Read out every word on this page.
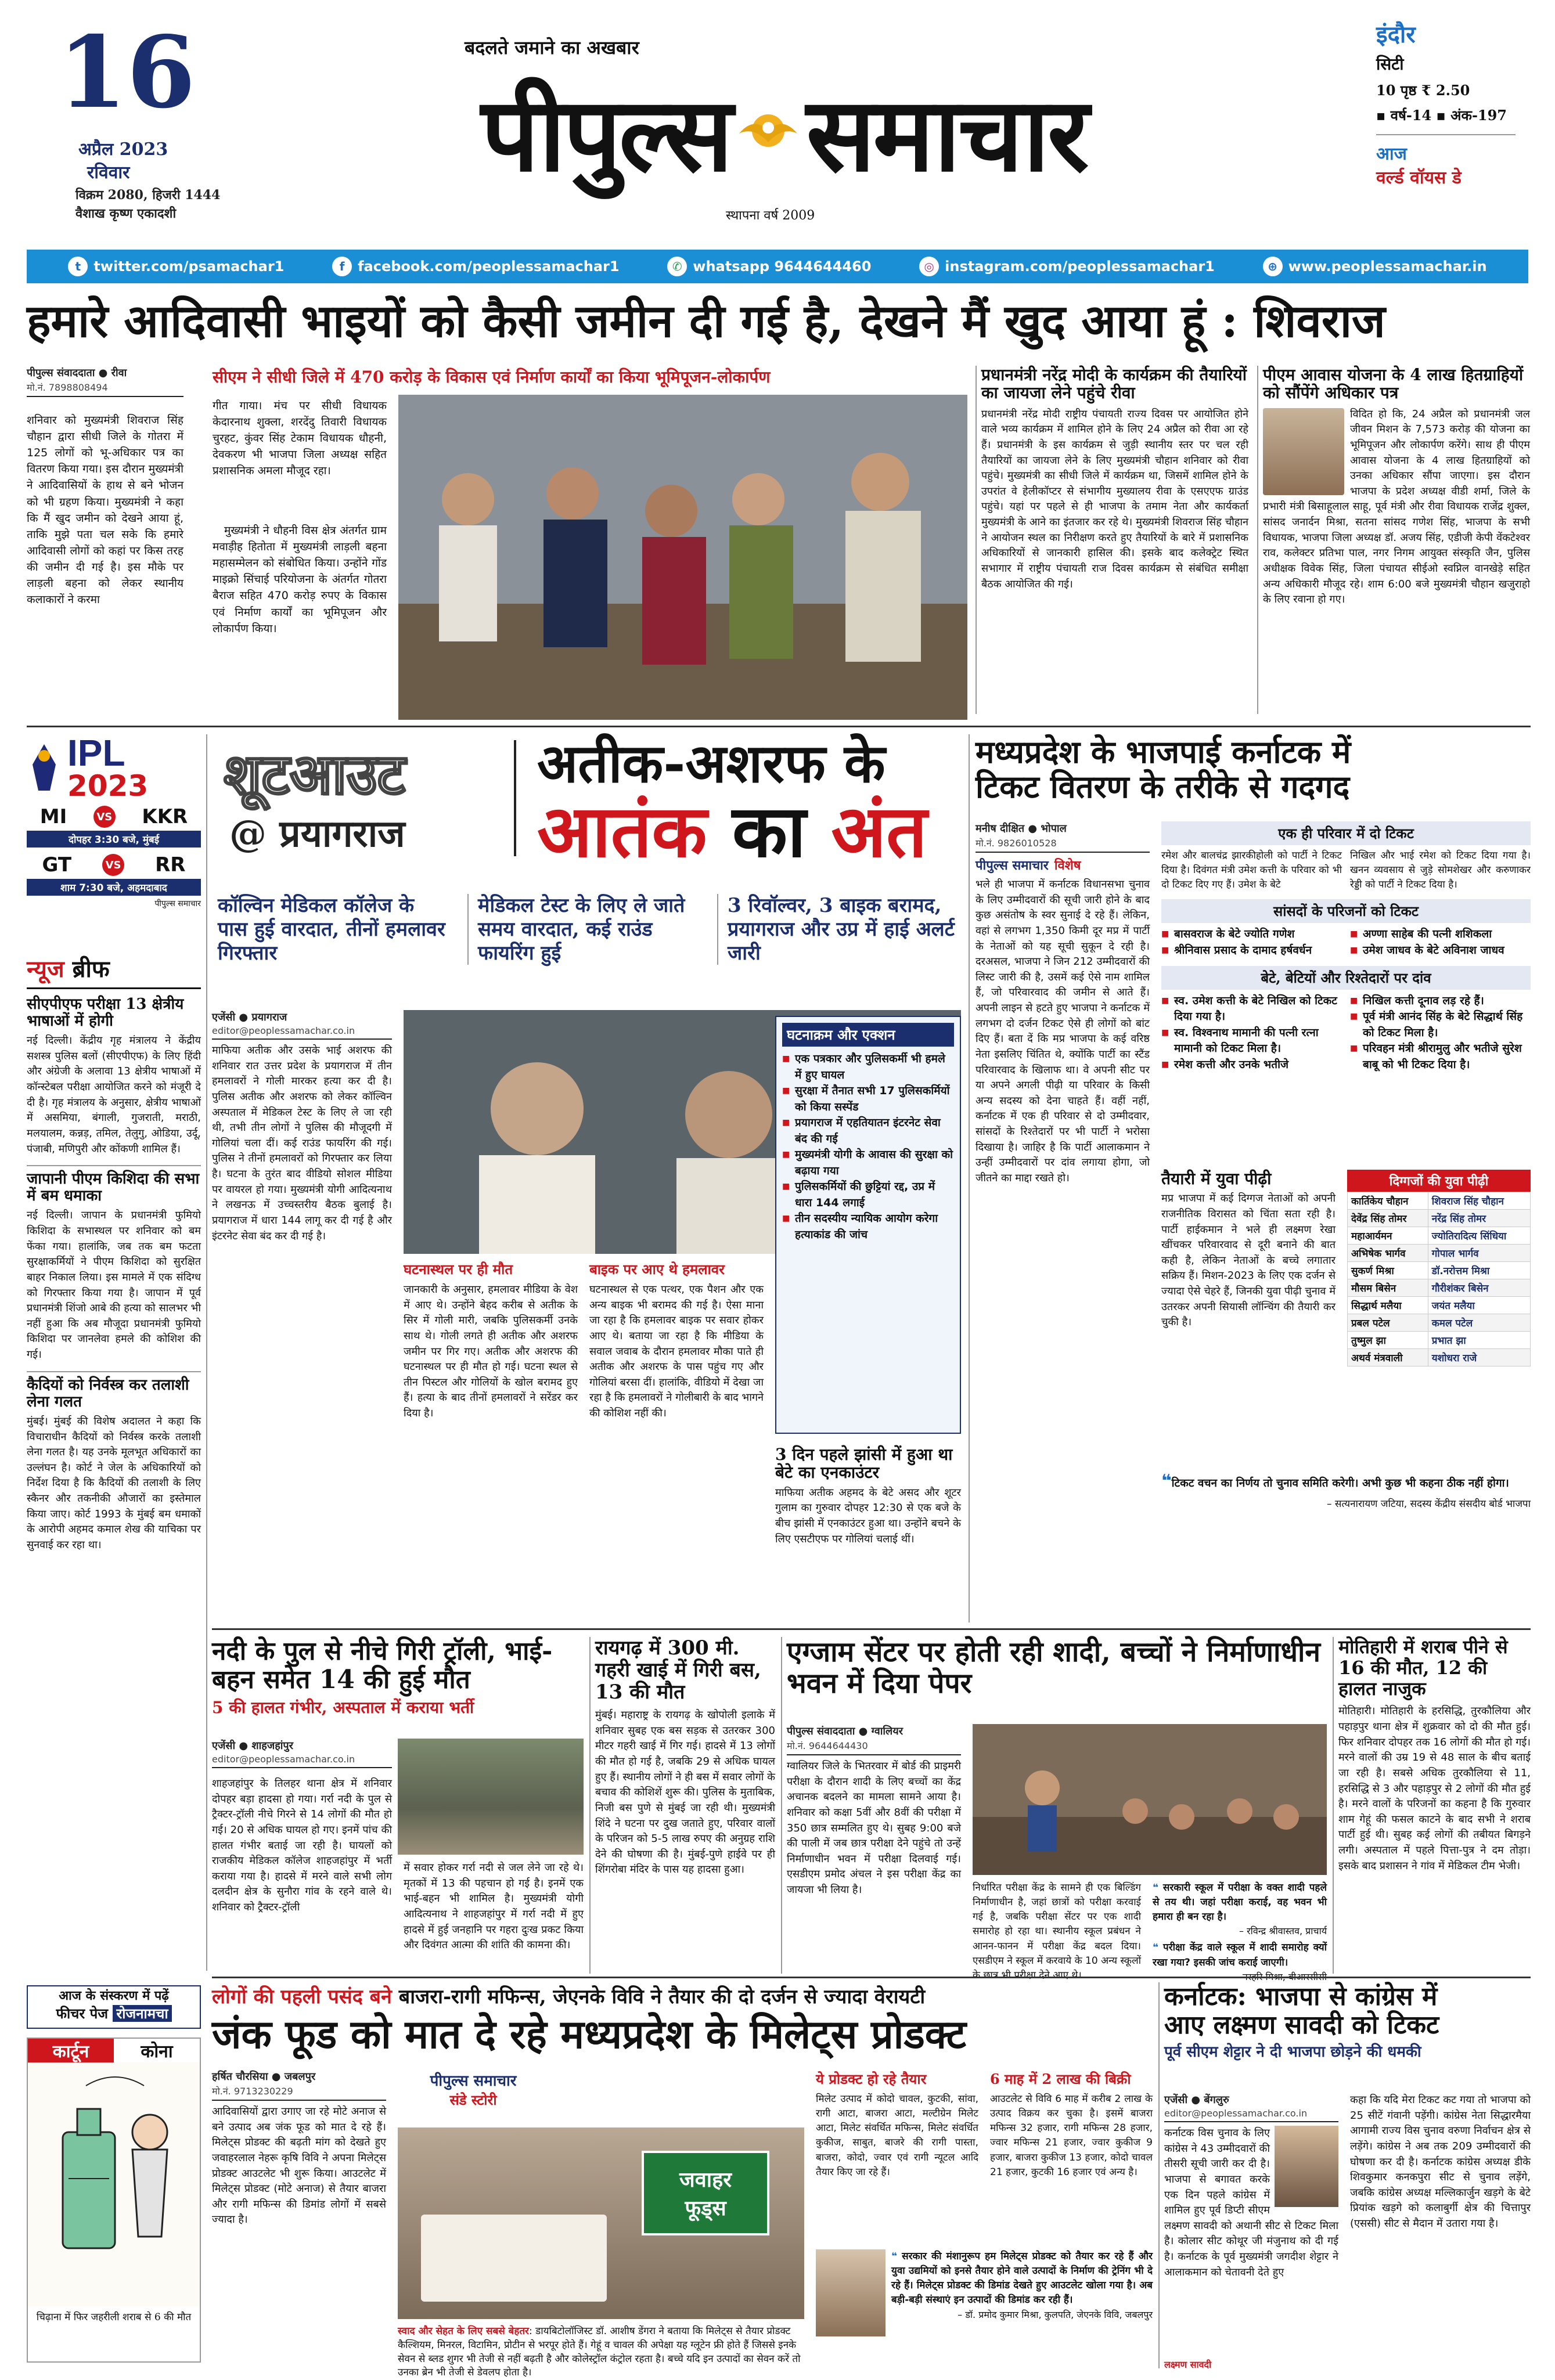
16
अप्रैल 2023
रविवार
विक्रम 2080, हिजरी 1444
वैशाख कृष्ण एकादशी
बदलते जमाने का अखबार
पीपुल्स समाचार
स्थापना वर्ष 2009
इंदौर
सिटी
10 पृष्ठ ₹ 2.50
▪ वर्ष-14 ▪ अंक-197
आज
वर्ल्ड वॉयस डे
t twitter.com/psamachar1	f facebook.com/peoplessamachar1	✆ whatsapp 9644644460	◎ instagram.com/peoplessamachar1	⊕ www.peoplessamachar.in
हमारे आदिवासी भाइयों को कैसी जमीन दी गई है, देखने मैं खुद आया हूं : शिवराज
पीपुल्स संवाददाता ● रीवा
मो.नं. 7898808494
शनिवार को मुख्यमंत्री शिवराज सिंह चौहान द्वारा सीधी जिले के गोतरा में 125 लोगों को भू-अधिकार पत्र का वितरण किया गया। इस दौरान मुख्यमंत्री ने आदिवासियों के हाथ से बने भोजन को भी ग्रहण किया। मुख्यमंत्री ने कहा कि मैं खुद जमीन को देखने आया हूं, ताकि मुझे पता चल सके कि हमारे आदिवासी लोगों को कहां पर किस तरह की जमीन दी गई है। इस मौके पर लाड़ली बहना को लेकर स्थानीय कलाकारों ने करमा
सीएम ने सीधी जिले में 470 करोड़ के विकास एवं निर्माण कार्यों का किया भूमिपूजन-लोकार्पण
गीत गाया। मंच पर सीधी विधायक केदारनाथ शुक्ला, शरदेंदु तिवारी विधायक चुरहट, कुंवर सिंह टेकाम विधायक धौहनी, देवकरण भी भाजपा जिला अध्यक्ष सहित प्रशासनिक अमला मौजूद रहा।
मुख्यमंत्री ने धौहनी विस क्षेत्र अंतर्गत ग्राम मवाड़ीह हितोता में मुख्यमंत्री लाड़ली बहना महासम्मेलन को संबोधित किया। उन्होंने गोंड माइक्रो सिंचाई परियोजना के अंतर्गत गोतरा बैराज सहित 470 करोड़ रुपए के विकास एवं निर्माण कार्यों का भूमिपूजन और लोकार्पण किया।
प्रधानमंत्री नरेंद्र मोदी के कार्यक्रम की तैयारियों का जायजा लेने पहुंचे रीवा
प्रधानमंत्री नरेंद्र मोदी राष्ट्रीय पंचायती राज्य दिवस पर आयोजित होने वाले भव्य कार्यक्रम में शामिल होने के लिए 24 अप्रैल को रीवा आ रहे हैं। प्रधानमंत्री के इस कार्यक्रम से जुड़ी स्थानीय स्तर पर चल रही तैयारियों का जायजा लेने के लिए मुख्यमंत्री चौहान शनिवार को रीवा पहुंचे। मुख्यमंत्री का सीधी जिले में कार्यक्रम था, जिसमें शामिल होने के उपरांत वे हेलीकॉप्टर से संभागीय मुख्यालय रीवा के एसएएफ ग्राउंड पहुंचे। यहां पर पहले से ही भाजपा के तमाम नेता और कार्यकर्ता मुख्यमंत्री के आने का इंतजार कर रहे थे। मुख्यमंत्री शिवराज सिंह चौहान ने आयोजन स्थल का निरीक्षण करते हुए तैयारियों के बारे में प्रशासनिक अधिकारियों से जानकारी हासिल की। इसके बाद कलेक्ट्रेट स्थित सभागार में राष्ट्रीय पंचायती राज दिवस कार्यक्रम से संबंधित समीक्षा बैठक आयोजित की गई।
पीएम आवास योजना के 4 लाख हितग्राहियों को सौंपेंगे अधिकार पत्र
विदित हो कि, 24 अप्रैल को प्रधानमंत्री जल जीवन मिशन के 7,573 करोड़ की योजना का भूमिपूजन और लोकार्पण करेंगे। साथ ही पीएम आवास योजना के 4 लाख हितग्राहियों को उनका अधिकार सौंपा जाएगा। इस दौरान भाजपा के प्रदेश अध्यक्ष वीडी शर्मा, जिले के प्रभारी मंत्री बिसाहूलाल साहू, पूर्व मंत्री और रीवा विधायक राजेंद्र शुक्ल, सांसद जनार्दन मिश्रा, सतना सांसद गणेश सिंह, भाजपा के सभी विधायक, भाजपा जिला अध्यक्ष डॉ. अजय सिंह, एडीजी केपी वेंकटेश्वर राव, कलेक्टर प्रतिभा पाल, नगर निगम आयुक्त संस्कृति जैन, पुलिस अधीक्षक विवेक सिंह, जिला पंचायत सीईओ स्वप्निल वानखेड़े सहित अन्य अधिकारी मौजूद रहे। शाम 6:00 बजे मुख्यमंत्री चौहान खजुराहो के लिए रवाना हो गए।
IPL
2023
MI	VS KKR
दोपहर 3:30 बजे, मुंबई
GT	VS RR
शाम 7:30 बजे, अहमदाबाद
पीपुल्स समाचार
न्यूज ब्रीफ
सीएपीएफ परीक्षा 13 क्षेत्रीय भाषाओं में होगी
नई दिल्ली। केंद्रीय गृह मंत्रालय ने केंद्रीय सशस्त्र पुलिस बलों (सीएपीएफ) के लिए हिंदी और अंग्रेजी के अलावा 13 क्षेत्रीय भाषाओं में कॉन्स्टेबल परीक्षा आयोजित करने को मंजूरी दे दी है। गृह मंत्रालय के अनुसार, क्षेत्रीय भाषाओं में असमिया, बंगाली, गुजराती, मराठी, मलयालम, कन्नड़, तमिल, तेलुगु, ओडिया, उर्दू, पंजाबी, मणिपुरी और कोंकणी शामिल हैं।
जापानी पीएम किशिदा की सभा में बम धमाका
नई दिल्ली। जापान के प्रधानमंत्री फुमियो किशिदा के सभास्थल पर शनिवार को बम फेंका गया। हालांकि, जब तक बम फटता सुरक्षाकर्मियों ने पीएम किशिदा को सुरक्षित बाहर निकाल लिया। इस मामले में एक संदिग्ध को गिरफ्तार किया गया है। जापान में पूर्व प्रधानमंत्री शिंजो आबे की हत्या को सालभर भी नहीं हुआ कि अब मौजूदा प्रधानमंत्री फुमियो किशिदा पर जानलेवा हमले की कोशिश की गई।
कैदियों को निर्वस्त्र कर तलाशी लेना गलत
मुंबई। मुंबई की विशेष अदालत ने कहा कि विचाराधीन कैदियों को निर्वस्त्र करके तलाशी लेना गलत है। यह उनके मूलभूत अधिकारों का उल्लंघन है। कोर्ट ने जेल के अधिकारियों को निर्देश दिया है कि कैदियों की तलाशी के लिए स्कैनर और तकनीकी औजारों का इस्तेमाल किया जाए। कोर्ट 1993 के मुंबई बम धमाकों के आरोपी अहमद कमाल शेख की याचिका पर सुनवाई कर रहा था।
शूटआउट
@ प्रयागराज
अतीक-अशरफ के
आतंक का अंत
कॉल्विन मेडिकल कॉलेज के पास हुई वारदात, तीनों हमलावर गिरफ्तार
मेडिकल टेस्ट के लिए ले जाते समय वारदात, कई राउंड फायरिंग हुई
3 रिवॉल्वर, 3 बाइक बरामद, प्रयागराज और उप्र में हाई अलर्ट जारी
एजेंसी ● प्रयागराज
editor@peoplessamachar.co.in
माफिया अतीक और उसके भाई अशरफ की शनिवार रात उत्तर प्रदेश के प्रयागराज में तीन हमलावरों ने गोली मारकर हत्या कर दी है। पुलिस अतीक और अशरफ को लेकर कॉल्विन अस्पताल में मेडिकल टेस्ट के लिए ले जा रही थी, तभी तीन लोगों ने पुलिस की मौजूदगी में गोलियां चला दीं। कई राउंड फायरिंग की गई। पुलिस ने तीनों हमलावरों को गिरफ्तार कर लिया है। घटना के तुरंत बाद वीडियो सोशल मीडिया पर वायरल हो गया। मुख्यमंत्री योगी आदित्यनाथ ने लखनऊ में उच्चस्तरीय बैठक बुलाई है। प्रयागराज में धारा 144 लागू कर दी गई है और इंटरनेट सेवा बंद कर दी गई है।
घटनास्थल पर ही मौत
जानकारी के अनुसार, हमलावर मीडिया के वेश में आए थे। उन्होंने बेहद करीब से अतीक के सिर में गोली मारी, जबकि पुलिसकर्मी उनके साथ थे। गोली लगते ही अतीक और अशरफ जमीन पर गिर गए। अतीक और अशरफ की घटनास्थल पर ही मौत हो गई। घटना स्थल से तीन पिस्टल और गोलियों के खोल बरामद हुए हैं। हत्या के बाद तीनों हमलावरों ने सरेंडर कर दिया है।
बाइक पर आए थे हमलावर
घटनास्थल से एक पत्थर, एक पैशन और एक अन्य बाइक भी बरामद की गई है। ऐसा माना जा रहा है कि हमलावर बाइक पर सवार होकर आए थे। बताया जा रहा है कि मीडिया के सवाल जवाब के दौरान हमलावर मौका पाते ही अतीक और अशरफ के पास पहुंच गए और गोलियां बरसा दीं। हालांकि, वीडियो में देखा जा रहा है कि हमलावरों ने गोलीबारी के बाद भागने की कोशिश नहीं की।
घटनाक्रम और एक्शन
■ एक पत्रकार और पुलिसकर्मी भी हमले में हुए घायल
■ सुरक्षा में तैनात सभी 17 पुलिसकर्मियों को किया सस्पेंड
■ प्रयागराज में एहतियातन इंटरनेट सेवा बंद की गई
■ मुख्यमंत्री योगी के आवास की सुरक्षा को बढ़ाया गया
■ पुलिसकर्मियों की छुट्टियां रद्द, उप्र में धारा 144 लगाई
■ तीन सदस्यीय न्यायिक आयोग करेगा हत्याकांड की जांच
3 दिन पहले झांसी में हुआ था बेटे का एनकाउंटर
माफिया अतीक अहमद के बेटे असद और शूटर गुलाम का गुरुवार दोपहर 12:30 से एक बजे के बीच झांसी में एनकाउंटर हुआ था। उन्होंने बचने के लिए एसटीएफ पर गोलियां चलाई थीं।
मध्यप्रदेश के भाजपाई कर्नाटक में
टिकट वितरण के तरीके से गदगद
मनीष दीक्षित ● भोपाल
मो.नं. 9826010528
पीपुल्स समाचार विशेष
भले ही भाजपा में कर्नाटक विधानसभा चुनाव के लिए उम्मीदवारों की सूची जारी होने के बाद कुछ असंतोष के स्वर सुनाई दे रहे हैं। लेकिन, वहां से लगभग 1,350 किमी दूर मप्र में पार्टी के नेताओं को यह सूची सुकून दे रही है। दरअसल, भाजपा ने जिन 212 उम्मीदवारों की लिस्ट जारी की है, उसमें कई ऐसे नाम शामिल हैं, जो परिवारवाद की जमीन से आते हैं। अपनी लाइन से हटते हुए भाजपा ने कर्नाटक में लगभग दो दर्जन टिकट ऐसे ही लोगों को बांट दिए हैं। बता दें कि मप्र भाजपा के कई वरिष्ठ नेता इसलिए चिंतित थे, क्योंकि पार्टी का स्टैंड परिवारवाद के खिलाफ था। वे अपनी सीट पर या अपने अगली पीढ़ी या परिवार के किसी अन्य सदस्य को देना चाहते हैं। वहीं नहीं, कर्नाटक में एक ही परिवार से दो उम्मीदवार, सांसदों के रिश्तेदारों पर भी पार्टी ने भरोसा दिखाया है। जाहिर है कि पार्टी आलाकमान ने उन्हीं उम्मीदवारों पर दांव लगाया होगा, जो जीतने का माद्दा रखते हो।
एक ही परिवार में दो टिकट
रमेश और बालचंद्र झारकीहोली को पार्टी ने टिकट दिया है। दिवंगत मंत्री उमेश कत्ती के परिवार को भी दो टिकट दिए गए हैं। उमेश के बेटे
निखिल और भाई रमेश को टिकट दिया गया है। खनन व्यवसाय से जुड़े सोमशेखर और करुणाकर रेड्डी को पार्टी ने टिकट दिया है।
सांसदों के परिजनों को टिकट
■ बासवराज के बेटे ज्योति गणेश
■ श्रीनिवास प्रसाद के दामाद हर्षवर्धन
■ अण्णा साहेब की पत्नी शशिकला
■ उमेश जाधव के बेटे अविनाश जाधव
बेटे, बेटियों और रिश्तेदारों पर दांव
■ स्व. उमेश कत्ती के बेटे निखिल को टिकट दिया गया है।
■ स्व. विश्वनाथ मामानी की पत्नी रत्ना मामानी को टिकट मिला है।
■ रमेश कत्ती और उनके भतीजे
■ निखिल कत्ती दूनाव लड़ रहे हैं।
■ पूर्व मंत्री आनंद सिंह के बेटे सिद्धार्थ सिंह को टिकट मिला है।
■ परिवहन मंत्री श्रीरामुलु और भतीजे सुरेश बाबू को भी टिकट दिया है।
तैयारी में युवा पीढ़ी
मप्र भाजपा में कई दिग्गज नेताओं को अपनी राजनीतिक विरासत को चिंता सता रही है। पार्टी हाईकमान ने भले ही लक्ष्मण रेखा खींचकर परिवारवाद से दूरी बनाने की बात कही है, लेकिन नेताओं के बच्चे लगातार सक्रिय हैं। मिशन-2023 के लिए एक दर्जन से ज्यादा ऐसे चेहरे हैं, जिनकी युवा पीढ़ी चुनाव में उतरकर अपनी सियासी लॉन्चिंग की तैयारी कर चुकी है।
दिग्गजों की युवा पीढ़ी
कार्तिकेय चौहान	शिवराज सिंह चौहान
देवेंद्र सिंह तोमर	नरेंद्र सिंह तोमर
महाआर्यमन	ज्योतिरादित्य सिंधिया
अभिषेक भार्गव	गोपाल भार्गव
सुकर्ण मिश्रा	डॉ.नरोत्तम मिश्रा
मौसम बिसेन	गौरीशंकर बिसेन
सिद्धार्थ मलैया	जयंत मलैया
प्रबल पटेल	कमल पटेल
तुष्मुल झा	प्रभात झा
अथर्व मंत्रवाली	यशोधरा राजे
❝टिकट वचन का निर्णय तो चुनाव समिति करेगी। अभी कुछ भी कहना ठीक नहीं होगा।
– सत्यनारायण जटिया, सदस्य केंद्रीय संसदीय बोर्ड भाजपा
नदी के पुल से नीचे गिरी ट्रॉली, भाई-बहन समेत 14 की हुई मौत
5 की हालत गंभीर, अस्पताल में कराया भर्ती
एजेंसी ● शाहजहांपुर
editor@peoplessamachar.co.in
शाहजहांपुर के तिलहर थाना क्षेत्र में शनिवार दोपहर बड़ा हादसा हो गया। गर्रा नदी के पुल से ट्रैक्टर-ट्रॉली नीचे गिरने से 14 लोगों की मौत हो गई। 20 से अधिक घायल हो गए। इनमें पांच की हालत गंभीर बताई जा रही है। घायलों को राजकीय मेडिकल कॉलेज शाहजहांपुर में भर्ती कराया गया है। हादसे में मरने वाले सभी लोग दलदीन क्षेत्र के सुनौरा गांव के रहने वाले थे। शनिवार को ट्रैक्टर-ट्रॉली
में सवार होकर गर्रा नदी से जल लेने जा रहे थे। मृतकों में 13 की पहचान हो गई है। इनमें एक भाई-बहन भी शामिल है। मुख्यमंत्री योगी आदित्यनाथ ने शाहजहांपुर में गर्रा नदी में हुए हादसे में हुई जनहानि पर गहरा दुःख प्रकट किया और दिवंगत आत्मा की शांति की कामना की।
रायगढ़ में 300 मी. गहरी खाई में गिरी बस, 13 की मौत
मुंबई। महाराष्ट्र के रायगढ़ के खोपोली इलाके में शनिवार सुबह एक बस सड़क से उतरकर 300 मीटर गहरी खाई में गिर गई। हादसे में 13 लोगों की मौत हो गई है, जबकि 29 से अधिक घायल हुए हैं। स्थानीय लोगों ने ही बस में सवार लोगों के बचाव की कोशिशें शुरू की। पुलिस के मुताबिक, निजी बस पुणे से मुंबई जा रही थी। मुख्यमंत्री शिंदे ने घटना पर दुख जताते हुए, परिवार वालों के परिजन को 5-5 लाख रुपए की अनुग्रह राशि देने की घोषणा की है। मुंबई-पुणे हाईवे पर ही शिंगरोबा मंदिर के पास यह हादसा हुआ।
एग्जाम सेंटर पर होती रही शादी, बच्चों ने निर्माणाधीन भवन में दिया पेपर
पीपुल्स संवाददाता ● ग्वालियर
मो.नं. 9644644430
ग्वालियर जिले के भितरवार में बोर्ड की प्राइमरी परीक्षा के दौरान शादी के लिए बच्चों का केंद्र अचानक बदलने का मामला सामने आया है। शनिवार को कक्षा 5वीं और 8वीं की परीक्षा में 350 छात्र सम्मलित हुए थे। सुबह 9:00 बजे की पाली में जब छात्र परीक्षा देने पहुंचे तो उन्हें निर्माणाधीन भवन में परीक्षा दिलवाई गई। एसडीएम प्रमोद अंचल ने इस परीक्षा केंद्र का जायजा भी लिया है।	निर्धारित परीक्षा केंद्र के सामने ही एक बिल्डिंग निर्माणाधीन है, जहां छात्रों को परीक्षा करवाई गई है, जबकि परीक्षा सेंटर पर एक शादी समारोह हो रहा था। स्थानीय स्कूल प्रबंधन ने आनन-फानन में परीक्षा केंद्र बदल दिया। एसडीएम ने स्कूल में करवाये के 10 अन्य स्कूलों के छात्र भी परीक्षा देने आए थे।
❝ सरकारी स्कूल में परीक्षा के वक्त शादी पहले से तय थी। जहां परीक्षा कराई, वह भवन भी हमारा ही बन रहा है।
– रविन्द्र श्रीवास्तव, प्राचार्य
❝ परीक्षा केंद्र वाले स्कूल में शादी समारोह क्यों रखा गया? इसकी जांच कराई जाएगी।
– नरहरि मिश्रा, बीआरसीसी
मोतिहारी में शराब पीने से 16 की मौत, 12 की हालत नाजुक
मोतिहारी। मोतिहारी के हरसिद्धि, तुरकौलिया और पहाड़पुर थाना क्षेत्र में शुक्रवार को दो की मौत हुई। फिर शनिवार दोपहर तक 16 लोगों की मौत हो गई। मरने वालों की उम्र 19 से 48 साल के बीच बताई जा रही है। सबसे अधिक तुरकौलिया से 11, हरसिद्धि से 3 और पहाड़पुर से 2 लोगों की मौत हुई है। मरने वालों के परिजनों का कहना है कि गुरुवार शाम गेहूं की फसल काटने के बाद सभी ने शराब पार्टी हुई थी। सुबह कई लोगों की तबीयत बिगड़ने लगी। अस्पताल में पहले पित्ता-पुत्र ने दम तोड़ा। इसके बाद प्रशासन ने गांव में मेडिकल टीम भेजी।
आज के संस्करण में पढ़ें
फीचर पेज रोजनामचा
कार्टून	कोना
चिढ़ाना में फिर जहरीली शराब से 6 की मौत
लोगों की पहली पसंद बने बाजरा-रागी मफिन्स, जेएनके विवि ने तैयार की दो दर्जन से ज्यादा वेरायटी
जंक फूड को मात दे रहे मध्यप्रदेश के मिलेट्स प्रोडक्ट
हर्षित चौरसिया ● जबलपुर
मो.नं. 9713230229
आदिवासियों द्वारा उगाए जा रहे मोटे अनाज से बने उत्पाद अब जंक फूड को मात दे रहे हैं। मिलेट्स प्रोडक्ट की बढ़ती मांग को देखते हुए जवाहरलाल नेहरू कृषि विवि ने अपना मिलेट्स प्रोडक्ट आउटलेट भी शुरू किया। आउटलेट में मिलेट्स प्रोडक्ट (मोटे अनाज) से तैयार बाजरा और रागी मफिन्स की डिमांड लोगों में सबसे ज्यादा है।
पीपुल्स समाचार
संडे स्टोरी
जवाहर फूड्स
स्वाद और सेहत के लिए सबसे बेहतर: डायबिटोलॉजिस्ट डॉ. आशीष डेंगरा ने बताया कि मिलेट्स से तैयार प्रोडक्ट कैल्शियम, मिनरल, विटामिन, प्रोटीन से भरपूर होते हैं। गेहूं व चावल की अपेक्षा यह ग्लूटेन फ्री होते हैं जिससे इनके सेवन से ब्लड शुगर भी तेजी से नहीं बढ़ती है और कोलेस्ट्रॉल कंट्रोल रहता है। बच्चे यदि इन उत्पादों का सेवन करें तो उनका ब्रेन भी तेजी से डेवलप होता है।
ये प्रोडक्ट हो रहे तैयार
मिलेट उत्पाद में कोदो चावल, कुटकी, सांवा, रागी आटा, बाजरा आटा, मल्टीग्रेन मिलेट आटा, मिलेट संवर्धित मफिन्स, मिलेट संवर्धित कुकीज, साबुत, बाजरे की रागी पास्ता, बाजरा, कोदो, ज्वार एवं रागी न्यूटल आदि तैयार किए जा रहे हैं।
6 माह में 2 लाख की बिक्री
आउटलेट से विवि 6 माह में करीब 2 लाख के उत्पाद विक्रय कर चुका है। इसमें बाजरा मफिन्स 32 हजार, रागी मफिन्स 28 हजार, ज्वार मफिन्स 21 हजार, ज्वार कुकीज 9 हजार, बाजरा कुकीज 13 हजार, कोदो चावल 21 हजार, कुटकी 16 हजार एवं अन्य है।
❝ सरकार की मंशानुरूप हम मिलेट्स प्रोडक्ट को तैयार कर रहे हैं और युवा उद्यमियों को इनसे तैयार होने वाले उत्पादों के निर्माण की ट्रेनिंग भी दे रहे हैं। मिलेट्स प्रोडक्ट की डिमांड देखते हुए आउटलेट खोला गया है। अब बड़ी-बड़ी संस्थाएं इन उत्पादों की डिमांड कर रही हैं।
– डॉ. प्रमोद कुमार मिश्रा, कुलपति, जेएनके विवि, जबलपुर
कर्नाटक: भाजपा से कांग्रेस में
आए लक्ष्मण सावदी को टिकट
पूर्व सीएम शेट्टार ने दी भाजपा छोड़ने की धमकी
एजेंसी ● बेंगलुरु
editor@peoplessamachar.co.in
कर्नाटक विस चुनाव के लिए कांग्रेस ने 43 उम्मीदवारों की तीसरी सूची जारी कर दी है। भाजपा से बगावत करके एक दिन पहले कांग्रेस में शामिल हुए पूर्व डिप्टी सीएम लक्ष्मण सावदी को अथानी सीट से टिकट मिला है। कोलार सीट कोथूर जी मंजुनाथ को दी गई है। कर्नाटक के पूर्व मुख्यमंत्री जगदीश शेट्टार ने आलाकमान को चेतावनी देते हुए
लक्ष्मण सावदी
कहा कि यदि मेरा टिकट कट गया तो भाजपा को 25 सीटें गंवानी पड़ेंगी। कांग्रेस नेता सिद्धारमैया आगामी राज्य विस चुनाव वरुणा निर्वाचन क्षेत्र से लड़ेंगे। कांग्रेस ने अब तक 209 उम्मीदवारों की घोषणा कर दी है। कर्नाटक कांग्रेस अध्यक्ष डीके शिवकुमार कनकपुरा सीट से चुनाव लड़ेंगे, जबकि कांग्रेस अध्यक्ष मल्लिकार्जुन खड़गे के बेटे प्रियांक खड़गे को कलाबुर्गी क्षेत्र की चित्तापुर (एससी) सीट से मैदान में उतारा गया है।
